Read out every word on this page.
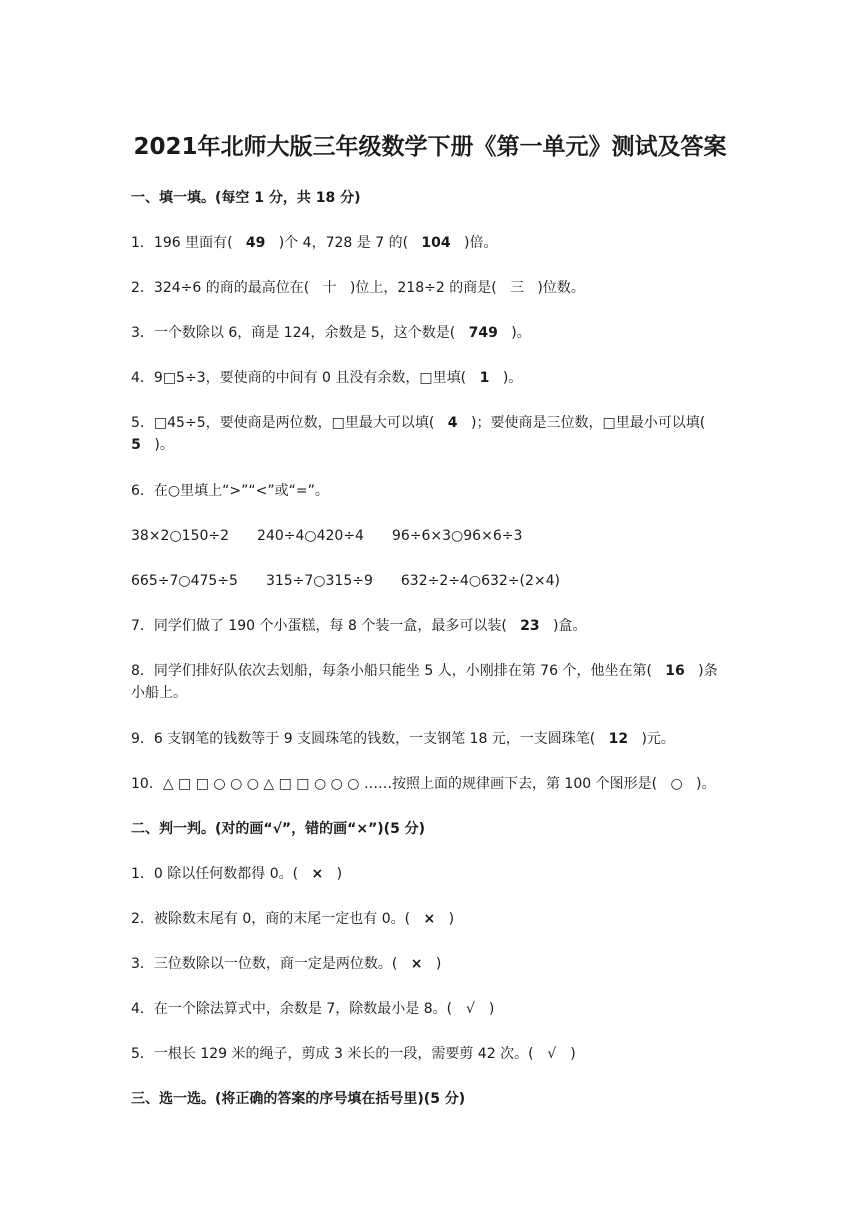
2021年北师大版三年级数学下册《第一单元》测试及答案
一、填一填。(每空 1 分，共 18 分)
1．196 里面有( 49 )个 4，728 是 7 的( 104 )倍。
2．324÷6 的商的最高位在( 十 )位上，218÷2 的商是( 三 )位数。
3．一个数除以 6，商是 124，余数是 5，这个数是( 749 )。
4．9□5÷3，要使商的中间有 0 且没有余数，□里填( 1 )。
5．□45÷5，要使商是两位数，□里最大可以填( 4 )；要使商是三位数，□里最小可以填(
5 )。
6．在○里填上“>”“<”或“=”。
38×2○150÷2 240÷4○420÷4 96÷6×3○96×6÷3
665÷7○475÷5 315÷7○315÷9 632÷2÷4○632÷(2×4)
7．同学们做了 190 个小蛋糕，每 8 个装一盒，最多可以装( 23 )盒。
8．同学们排好队依次去划船，每条小船只能坐 5 人，小刚排在第 76 个，他坐在第( 16 )条小船上。
9．6 支钢笔的钱数等于 9 支圆珠笔的钱数，一支钢笔 18 元，一支圆珠笔( 12 )元。
10．△ □ □ ○ ○ ○ △ □ □ ○ ○ ○ ……按照上面的规律画下去，第 100 个图形是( ○ )。
二、判一判。(对的画“√”，错的画“×”)(5 分)
1．0 除以任何数都得 0。( × )
2．被除数末尾有 0，商的末尾一定也有 0。( × )
3．三位数除以一位数，商一定是两位数。( × )
4．在一个除法算式中，余数是 7，除数最小是 8。( √ )
5．一根长 129 米的绳子，剪成 3 米长的一段，需要剪 42 次。( √ )
三、选一选。(将正确的答案的序号填在括号里)(5 分)
